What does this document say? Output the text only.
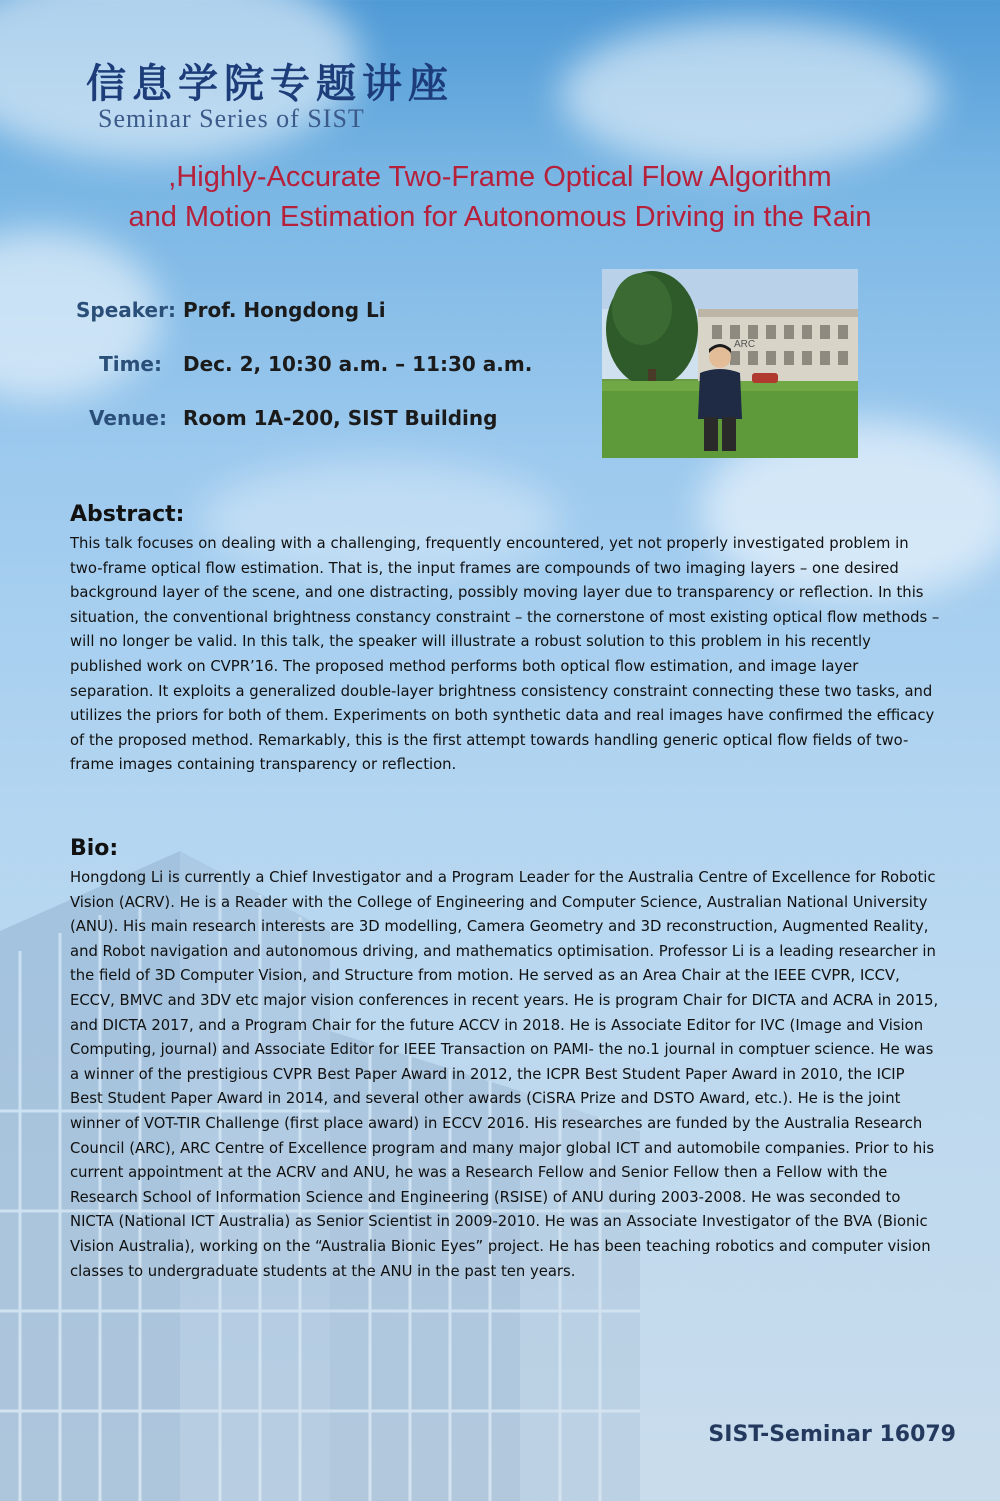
信息学院专题讲座
Seminar Series of SIST
,Highly-Accurate Two-Frame Optical Flow Algorithm
and Motion Estimation for Autonomous Driving in the Rain
Speaker: Prof. Hongdong Li
Time: Dec. 2, 10:30 a.m. – 11:30 a.m.
Venue: Room 1A-200, SIST Building
ARC
Abstract:

This talk focuses on dealing with a challenging, frequently encountered, yet not properly investigated problem in two-frame optical flow estimation. That is, the input frames are compounds of two imaging layers – one desired background layer of the scene, and one distracting, possibly moving layer due to transparency or reflection. In this situation, the conventional brightness constancy constraint – the cornerstone of most existing optical flow methods – will no longer be valid. In this talk, the speaker will illustrate a robust solution to this problem in his recently published work on CVPR’16. The proposed method performs both optical flow estimation, and image layer separation. It exploits a generalized double-layer brightness consistency constraint connecting these two tasks, and utilizes the priors for both of them. Experiments on both synthetic data and real images have confirmed the efficacy of the proposed method. Remarkably, this is the first attempt towards handling generic optical flow fields of two-frame images containing transparency or reflection.

Bio:

Hongdong Li is currently a Chief Investigator and a Program Leader for the Australia Centre of Excellence for Robotic Vision (ACRV). He is a Reader with the College of Engineering and Computer Science, Australian National University (ANU). His main research interests are 3D modelling, Camera Geometry and 3D reconstruction, Augmented Reality, and Robot navigation and autonomous driving, and mathematics optimisation. Professor Li is a leading researcher in the field of 3D Computer Vision, and Structure from motion. He served as an Area Chair at the IEEE CVPR, ICCV, ECCV, BMVC and 3DV etc major vision conferences in recent years. He is program Chair for DICTA and ACRA in 2015, and DICTA 2017, and a Program Chair for the future ACCV in 2018. He is Associate Editor for IVC (Image and Vision Computing, journal) and Associate Editor for IEEE Transaction on PAMI- the no.1 journal in comptuer science. He was a winner of the prestigious CVPR Best Paper Award in 2012, the ICPR Best Student Paper Award in 2010, the ICIP Best Student Paper Award in 2014, and several other awards (CiSRA Prize and DSTO Award, etc.). He is the joint winner of VOT-TIR Challenge (first place award) in ECCV 2016. His researches are funded by the Australia Research Council (ARC), ARC Centre of Excellence program and many major global ICT and automobile companies. Prior to his current appointment at the ACRV and ANU, he was a Research Fellow and Senior Fellow then a Fellow with the Research School of Information Science and Engineering (RSISE) of ANU during 2003-2008. He was seconded to NICTA (National ICT Australia) as Senior Scientist in 2009-2010. He was an Associate Investigator of the BVA (Bionic Vision Australia), working on the “Australia Bionic Eyes” project. He has been teaching robotics and computer vision classes to undergraduate students at the ANU in the past ten years.

SIST-Seminar 16079
